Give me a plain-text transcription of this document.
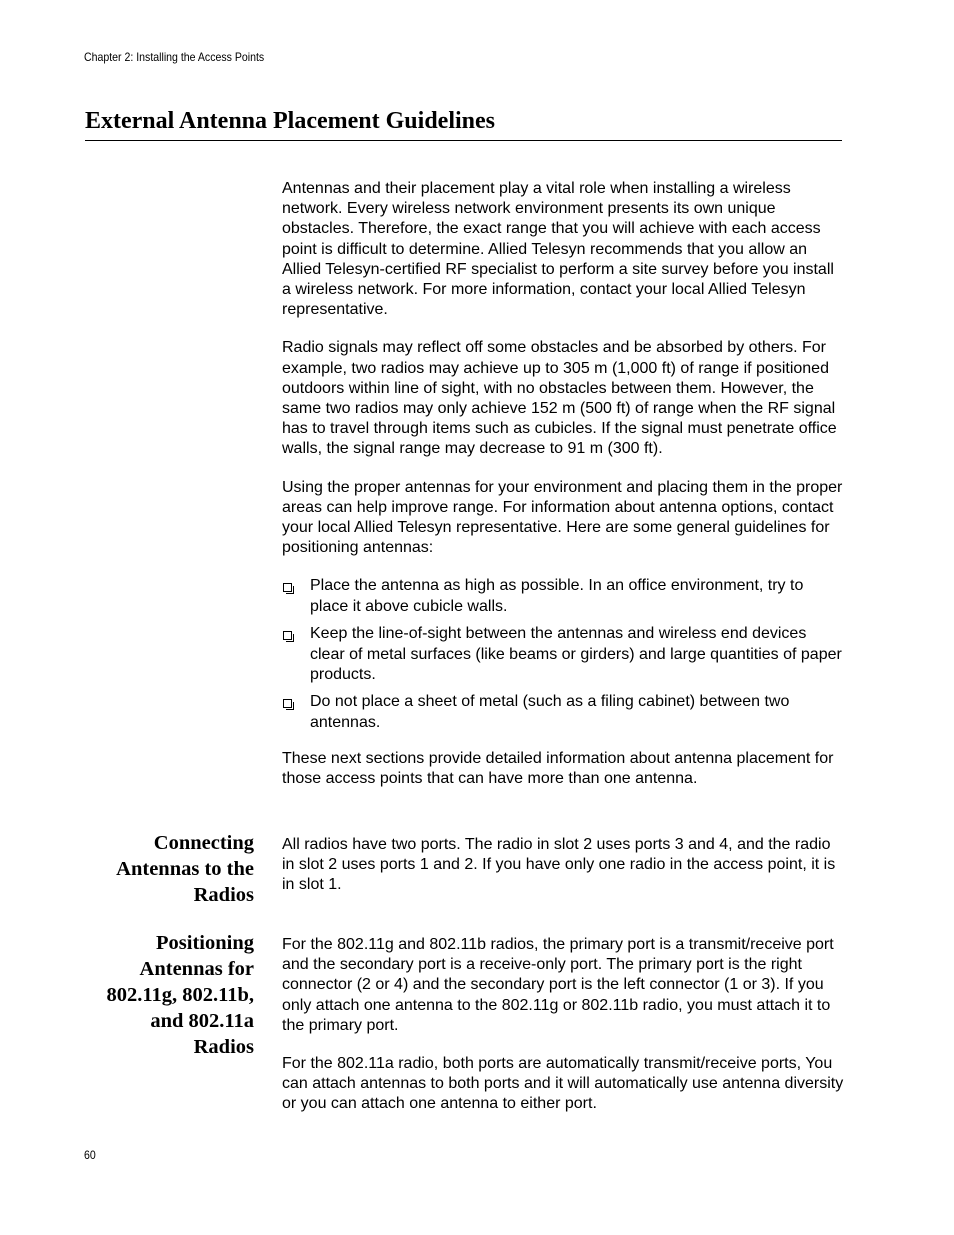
Chapter 2: Installing the Access Points
External Antenna Placement Guidelines

Antennas and their placement play a vital role when installing a wireless network. Every wireless network environment presents its own unique obstacles. Therefore, the exact range that you will achieve with each access point is difficult to determine. Allied Telesyn recommends that you allow an Allied Telesyn-certified RF specialist to perform a site survey before you install a wireless network. For more information, contact your local Allied Telesyn representative.

Radio signals may reflect off some obstacles and be absorbed by others. For example, two radios may achieve up to 305 m (1,000 ft) of range if positioned outdoors within line of sight, with no obstacles between them. However, the same two radios may only achieve 152 m (500 ft) of range when the RF signal has to travel through items such as cubicles. If the signal must penetrate office walls, the signal range may decrease to 91 m (300 ft).

Using the proper antennas for your environment and placing them in the proper areas can help improve range. For information about antenna options, contact your local Allied Telesyn representative. Here are some general guidelines for positioning antennas:

Place the antenna as high as possible. In an office environment, try to place it above cubicle walls.
Keep the line-of-sight between the antennas and wireless end devices clear of metal surfaces (like beams or girders) and large quantities of paper products.
Do not place a sheet of metal (such as a filing cabinet) between two antennas.

These next sections provide detailed information about antenna placement for those access points that can have more than one antenna.

Connecting
Antennas to the
Radios

All radios have two ports. The radio in slot 2 uses ports 3 and 4, and the radio in slot 2 uses ports 1 and 2. If you have only one radio in the access point, it is in slot 1.

Positioning
Antennas for
802.11g, 802.11b,
and 802.11a
Radios

For the 802.11g and 802.11b radios, the primary port is a transmit/receive port and the secondary port is a receive-only port. The primary port is the right connector (2 or 4) and the secondary port is the left connector (1 or 3). If you only attach one antenna to the 802.11g or 802.11b radio, you must attach it to the primary port.

For the 802.11a radio, both ports are automatically transmit/receive ports, You can attach antennas to both ports and it will automatically use antenna diversity or you can attach one antenna to either port.

60
